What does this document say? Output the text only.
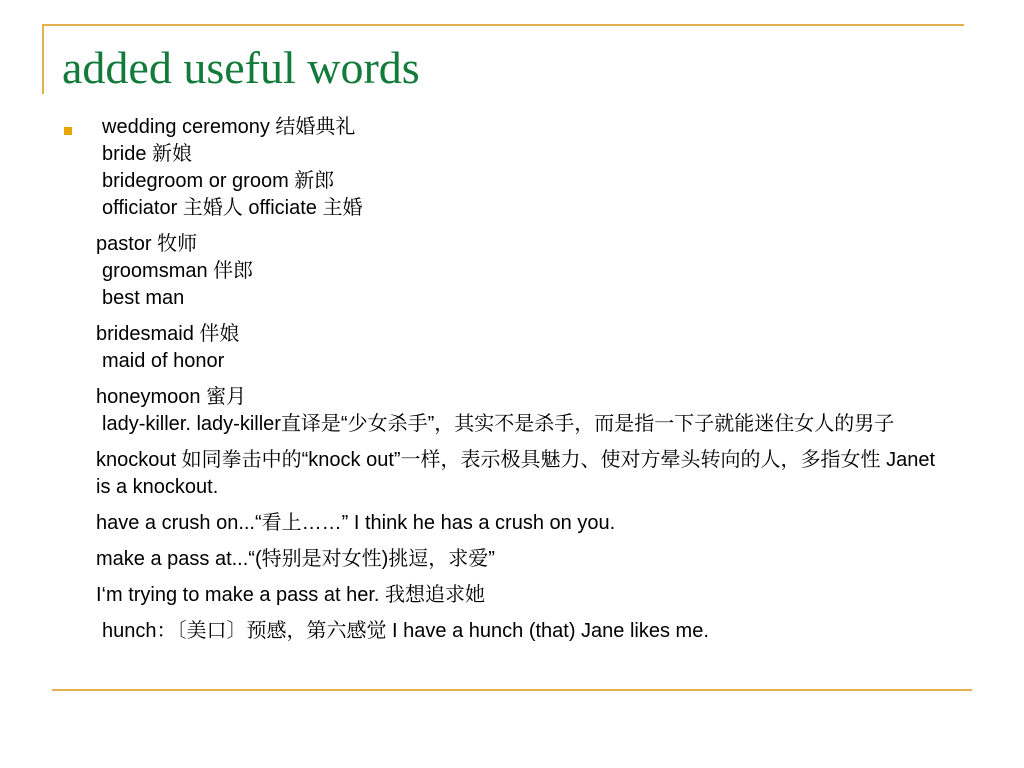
added useful words
wedding ceremony 结婚典礼
bride 新娘
bridegroom or groom 新郎
officiator 主婚人 officiate 主婚
pastor 牧师
groomsman 伴郎
best man
bridesmaid 伴娘
maid of honor
honeymoon 蜜月
lady-killer. lady-killer直译是“少女杀手”，其实不是杀手，而是指一下子就能迷住女人的男子
knockout 如同拳击中的“knock out”一样，表示极具魅力、使对方晕头转向的人，多指女性 Janet is a knockout.
have a crush on...“看上……” I think he has a crush on you.
make a pass at...“(特别是对女性)挑逗，求爱”
I‘m trying to make a pass at her. 我想追求她
hunch：〔美口〕预感，第六感觉 I have a hunch (that) Jane likes me.
